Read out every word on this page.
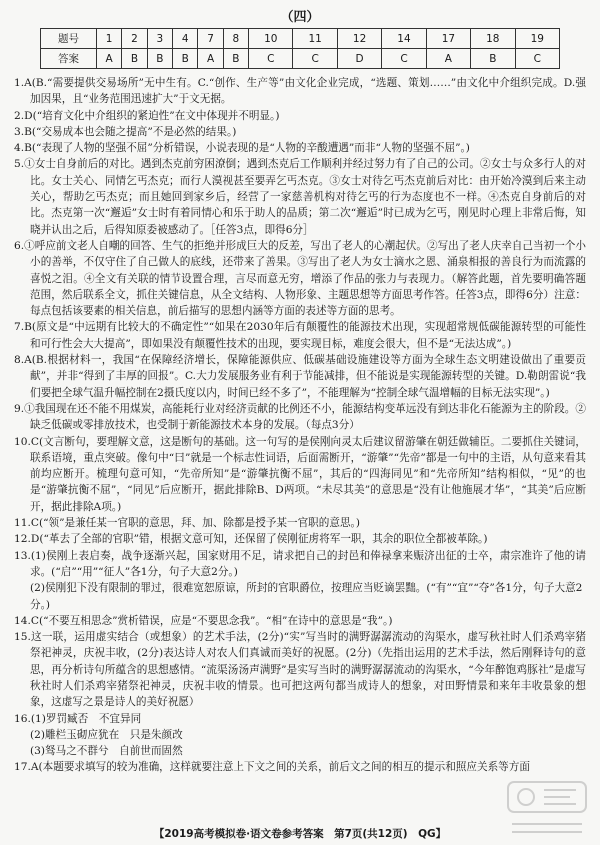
（四）
题号	1	2	3	4	7	8	10	11	12	14	17	18	19
答案	A	B	B	B	A	B	C	C	D	C	A	B	C

1.A(B.“需要提供交易场所”无中生有。C.“创作、生产等”由文化企业完成，“选题、策划……”由文化中介组织完成。D.强加因果，且“业务范围迅速扩大”于文无据。

2.D(“培育文化中介组织的紧迫性”在文中体现并不明显。)

3.B(“交易成本也会随之提高”不是必然的结果。)

4.B(“表现了人物的坚强不屈”分析错误，小说表现的是“人物的辛酸遭遇”而非“人物的坚强不屈”。)

5.①女士自身前后的对比。遇到杰克前穷困潦倒；遇到杰克后工作顺利并经过努力有了自己的公司。②女士与众多行人的对比。女士关心、同情乞丐杰克；而行人漠视甚至要弄乞丐杰克。③女士对待乞丐杰克前后对比：由开始冷漠到后来主动关心，帮助乞丐杰克；而且她回到家乡后，经营了一家慈善机构对待乞丐的行为态度也不一样。④杰克自身前后的对比。杰克第一次“邂逅”女士时有着同情心和乐于助人的品质；第二次“邂逅”时已成为乞丐，刚见时心理上非常后悔，知晓并认出之后，后得知原委被感动了。［任答3点，即得6分］

6.①呼应前文老人自嘲的回答、生气的拒绝并形成巨大的反差，写出了老人的心潮起伏。②写出了老人庆幸自己当初一个小小的善举，不仅守住了自己做人的底线，还带来了善果。③写出了老人为女士滴水之恩、涌泉相报的善良行为而流露的喜悦之泪。④全文有关联的情节设置合理，言尽而意无穷，增添了作品的张力与表现力。（解答此题，首先要明确答题范围，然后联系全文，抓住关键信息，从全文结构、人物形象、主题思想等方面思考作答。任答3点，即得6分）注意：每点包括该要素的相关信息，前后描写的思想内涵等方面的表述等方面的思考。

7.B(原文是“中远期有比较大的不确定性”“如果在2030年后有颠覆性的能源技术出现，实现超常规低碳能源转型的可能性和可行性会大大提高”，即如果没有颠覆性技术的出现，要实现目标，难度会很大，但不是“无法达成”。)

8.A(B.根据材料一，我国“在保障经济增长，保障能源供应、低碳基础设施建设等方面为全球生态文明建设做出了重要贡献”，并非“得到了丰厚的回报”。C.大力发展服务业有利于节能减排，但不能说是实现能源转型的关键。D.勒朗雷说“我们要把全球气温升幅控制在2摄氏度以内，时间已经不多了”，不能理解为“控制全球气温增幅的目标无法实现”。)

9.①我国现在还不能不用煤炭，高能耗行业对经济贡献的比例还不小，能源结构变革远没有到达非化石能源为主的阶段。②缺乏低碳或零排放技术，也受制于新能源技术本身的发展。（每点3分）

10.C(文言断句，要理解文意，这是断句的基础。这一句写的是侯刚向灵太后建议留游肇在朝廷做辅臣。二要抓住关键词，联系语境，重点突破。像句中“曰”就是一个标志性词语，后面需断开，“游肇”“先帝”都是一句中的主语，从句意来看其前均应断开。梳理句意可知，“先帝所知”是“游肇抗衡不屈”，其后的“四海同见”和“先帝所知”结构相似，“见”的也是“游肇抗衡不屈”，“同见”后应断开，据此排除B、D两项。“未尽其美”的意思是“没有让他施展才华”，“其美”后应断开，据此排除A项。)

11.C(“领”是兼任某一官职的意思，拜、加、除都是授予某一官职的意思。)

12.D(“革去了全部的官职”错，根据文意可知，还保留了侯刚征虏将军一职，其余的职位全都被革除。)

13.(1)侯刚上表启奏，战争逐渐兴起，国家财用不足，请求把自己的封邑和俸禄拿来赈济出征的士卒，肃宗准许了他的请求。(“启”“用”“征人”各1分，句子大意2分。)

(2)侯刚犯下没有限制的罪过，很难宽恕原谅，所封的官职爵位，按理应当贬谪罢黜。(“有”“宜”“夺”各1分，句子大意2分。)

14.C(“不要互相思念”赏析错误，应是“不要思念我”。“相”在诗中的意思是“我”。)

15.这一联，运用虚实结合（或想象）的艺术手法，(2分)“实”写当时的满野潺潺流动的沟渠水，虚写秋社时人们杀鸡宰猪祭祀神灵，庆祝丰收，(2分)表达诗人对农人们真诚而美好的祝愿。(2分)（先指出运用的艺术手法，然后刚释诗句的意思，再分析诗句所蕴含的思想感情。“流渠汤汤声满野”是实写当时的满野潺潺流动的沟渠水，“今年醉饱鸡豚社”是虚写秋社时人们杀鸡宰猪祭祀神灵，庆祝丰收的情景。也可把这两句都当成诗人的想象，对田野情景和来年丰收景象的想象，这虚写之景是诗人的美好祝愿）

16.(1)罗罚臧否　不宜异同

(2)雕栏玉砌应犹在　只是朱颜改

(3)驽马之不群兮　自前世而固然

17.A(本题要求填写的较为准确，这样就要注意上下文之间的关系，前后文之间的相互的提示和照应关系等方面

【2019高考模拟卷·语文卷参考答案　第7页(共12页)　QG】
